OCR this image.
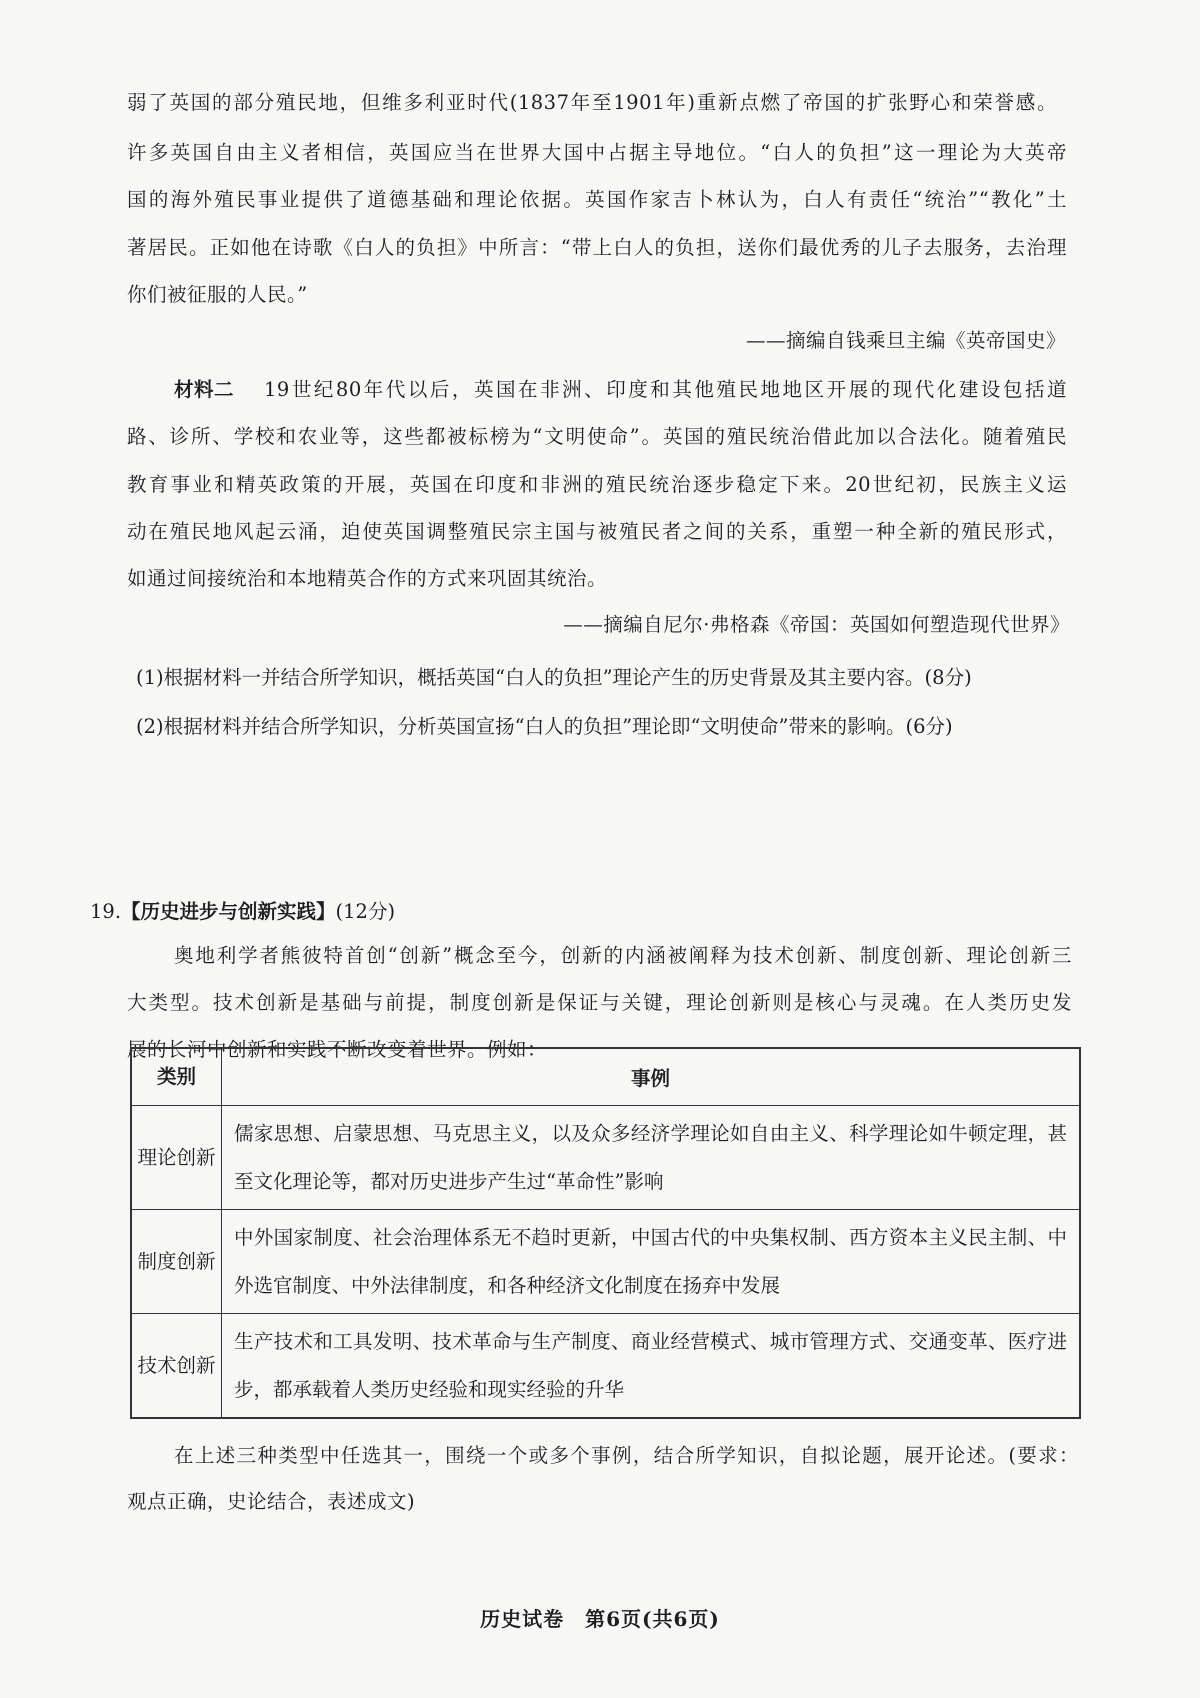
弱了英国的部分殖民地，但维多利亚时代(1837年至1901年)重新点燃了帝国的扩张野心和荣誉感。
许多英国自由主义者相信，英国应当在世界大国中占据主导地位。“白人的负担”这一理论为大英帝
国的海外殖民事业提供了道德基础和理论依据。英国作家吉卜林认为，白人有责任“统治”“教化”土
著居民。正如他在诗歌《白人的负担》中所言：“带上白人的负担，送你们最优秀的儿子去服务，去治理
你们被征服的人民。”
——摘编自钱乘旦主编《英帝国史》
材料二 19世纪80年代以后，英国在非洲、印度和其他殖民地地区开展的现代化建设包括道
路、诊所、学校和农业等，这些都被标榜为“文明使命”。英国的殖民统治借此加以合法化。随着殖民
教育事业和精英政策的开展，英国在印度和非洲的殖民统治逐步稳定下来。20世纪初，民族主义运
动在殖民地风起云涌，迫使英国调整殖民宗主国与被殖民者之间的关系，重塑一种全新的殖民形式，
如通过间接统治和本地精英合作的方式来巩固其统治。
——摘编自尼尔·弗格森《帝国：英国如何塑造现代世界》
(1)根据材料一并结合所学知识，概括英国“白人的负担”理论产生的历史背景及其主要内容。(8分)
(2)根据材料并结合所学知识，分析英国宣扬“白人的负担”理论即“文明使命”带来的影响。(6分)
19.【历史进步与创新实践】(12分)
奥地利学者熊彼特首创“创新”概念至今，创新的内涵被阐释为技术创新、制度创新、理论创新三
大类型。技术创新是基础与前提，制度创新是保证与关键，理论创新则是核心与灵魂。在人类历史发
展的长河中创新和实践不断改变着世界。例如：
类别	事例
理论创新	儒家思想、启蒙思想、马克思主义，以及众多经济学理论如自由主义、科学理论如牛顿定理，甚至文化理论等，都对历史进步产生过“革命性”影响
制度创新	中外国家制度、社会治理体系无不趋时更新，中国古代的中央集权制、西方资本主义民主制、中外选官制度、中外法律制度，和各种经济文化制度在扬弃中发展
技术创新	生产技术和工具发明、技术革命与生产制度、商业经营模式、城市管理方式、交通变革、医疗进步，都承载着人类历史经验和现实经验的升华
在上述三种类型中任选其一，围绕一个或多个事例，结合所学知识，自拟论题，展开论述。(要求：
观点正确，史论结合，表述成文)
历史试卷　第6页(共6页)
